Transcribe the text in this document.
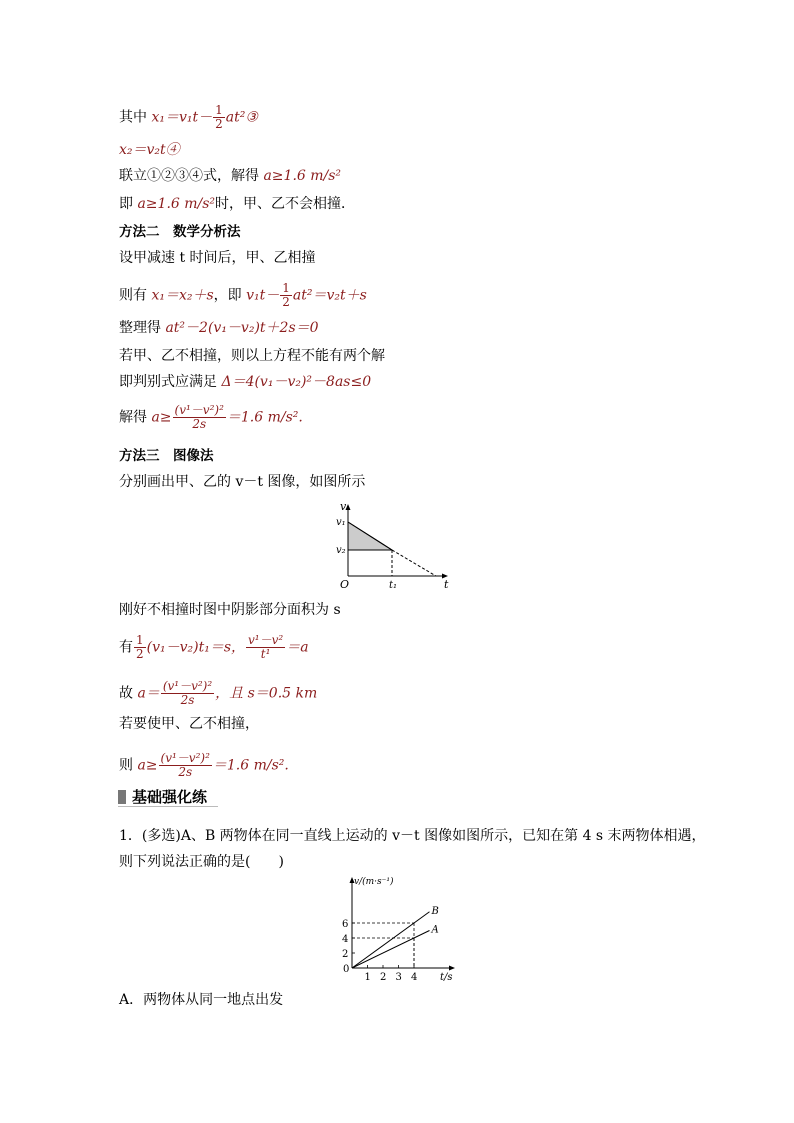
其中 $x_1=v_1t- \frac{1}{2}$ at²③
x₂＝v₂t④
联立①②③④式，解得 a≥1.6 m/s²
即 a≥1.6 m/s²时，甲、乙不会相撞．
方法二　数学分析法
设甲减速 t 时间后，甲、乙相撞
则有 x₁＝x₂＋s，即 $v_1t- \frac{1}{2} at^2=v_2t+s$
整理得 at²－2(v₁－v₂)t＋2s＝0
若甲、乙不相撞，则以上方程不能有两个解
即判别式应满足 Δ＝4(v₁－v₂)²－8as≤0
解得 $a\ge \frac{\text{(v¹－v²)²}}{2s} =1.6$ m/s².
方法三　图像法
分别画出甲、乙的 v－t 图像，如图所示
v
v₁
v₂
O	t₁	t
刚好不相撞时图中阴影部分面积为 s
有 $\frac{1}{2} (v_1-v_2)t_1=s$， $\frac{\text{v¹－v²}}{\text{t¹}} =a$
故 $a= \frac{\text{(v¹－v²)²}}{2s}$ ，且 s＝0.5 km
若要使甲、乙不相撞，
则 $a\ge \frac{\text{(v¹－v²)²}}{2s} =1.6$ m/s².
基础强化练
1．(多选)A、B 两物体在同一直线上运动的 v－t 图像如图所示，已知在第 4 s 末两物体相遇，
则下列说法正确的是(　　)
1 2 3 4
2
4
6
0
B
A
v/(m·s⁻¹)
t/s
A．两物体从同一地点出发
